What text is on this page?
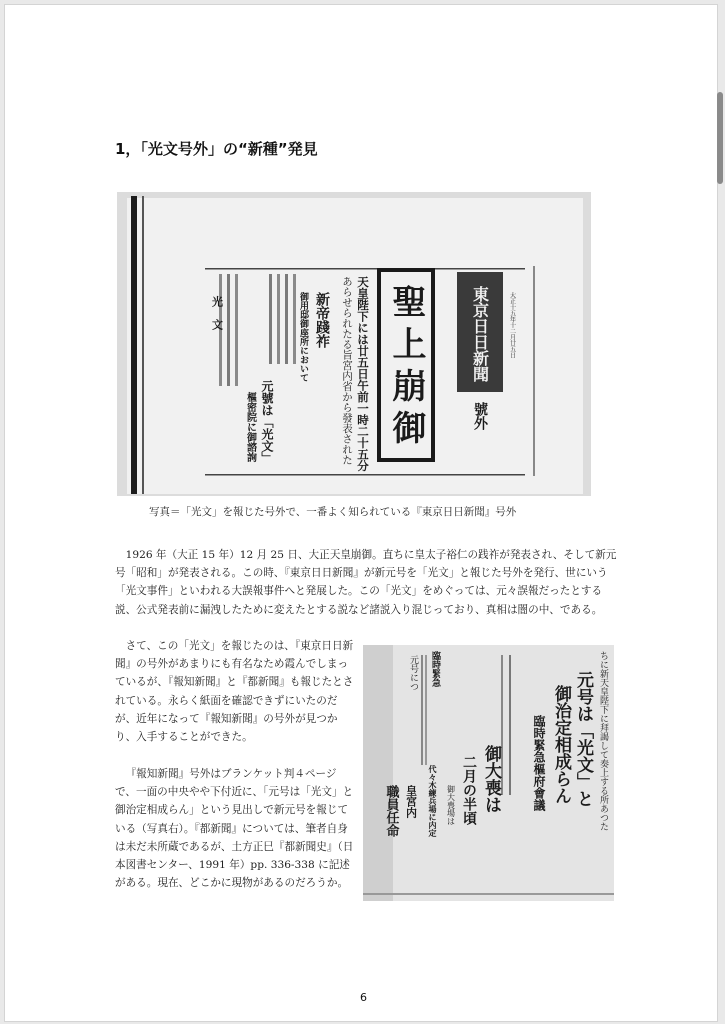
1，「光文号外」の“新種”発見
東京日日新聞
號外
大正十五年十二月廿五日
聖上崩御
天皇陛下には廿五日午前一時二十五分
あらせられたる旨宮内省から發表された
新帝踐祚
御用邸御座所において
元號は「光文」
樞密院に御諮詢
光文

写真＝「光文」を報じた号外で、一番よく知られている『東京日日新聞』号外

1926 年（大正 15 年）12 月 25 日、大正天皇崩御。直ちに皇太子裕仁の践祚が発表され、そして新元号「昭和」が発表される。この時、『東京日日新聞』が新元号を「光文」と報じた号外を発行、世にいう「光文事件」といわれる大誤報事件へと発展した。この「光文」をめぐっては、元々誤報だったとする説、公式発表前に漏洩したために変えたとする説など諸説入り混じっており、真相は闇の中、である。

さて、この「光文」を報じたのは、『東京日日新聞』の号外があまりにも有名なため霞んでしまっているが、『報知新聞』と『都新聞』も報じたとされている。永らく紙面を確認できずにいたのだが、近年になって『報知新聞』の号外が見つかり、入手することができた。

『報知新聞』号外はブランケット判４ページで、一面の中央やや下付近に、「元号は「光文」と御治定相成らん」という見出しで新元号を報じている（写真右）。『都新聞』については、筆者自身は未だ未所蔵であるが、土方正巳『都新聞史』（日本図書センター、1991 年）pp. 336-338 に記述がある。現在、どこかに現物があるのだろうか。

ちに新天皇陛下に拜謁して奏上する所あつた
元号は「光文」と
御治定相成らん
臨時緊急樞府會議
御大喪は
二月の半頃
御大喪場は
代々木練兵場に内定
臨時緊急
元号につ
皇宮内
職員任命
6
